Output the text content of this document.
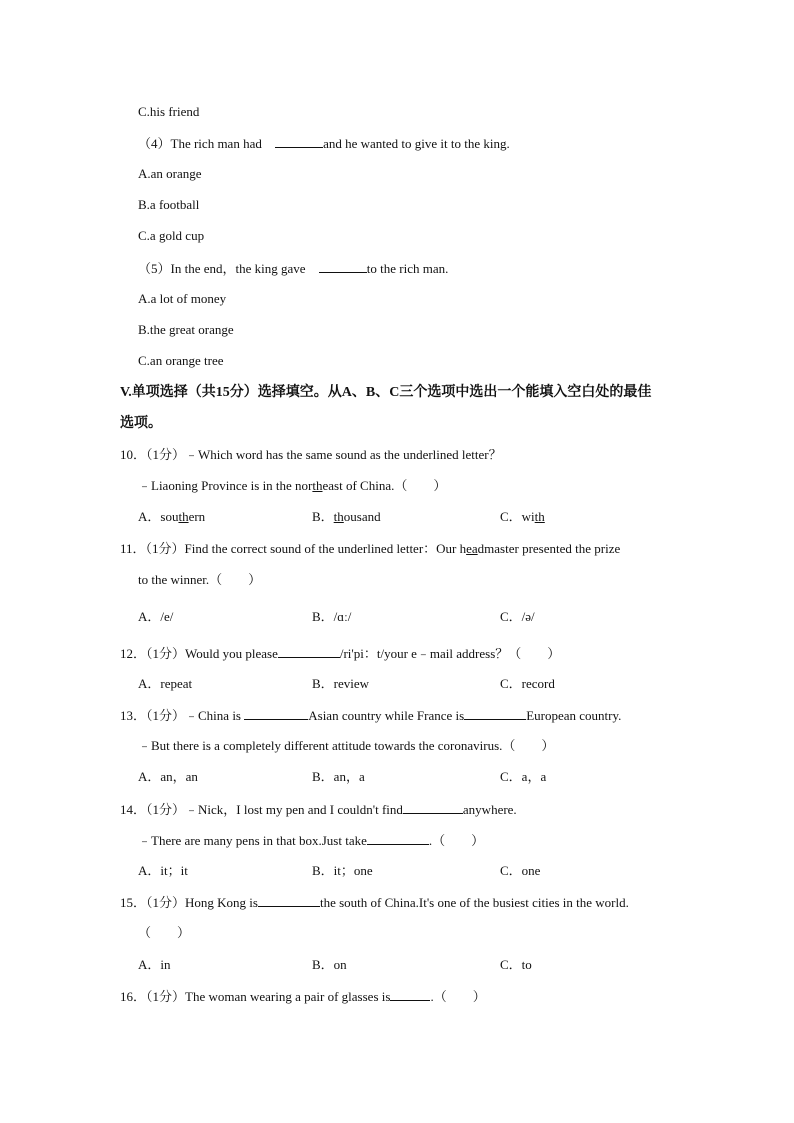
C.his friend
（4）The rich man had	and he wanted to give it to the king.
A.an orange
B.a football
C.a gold cup
（5）In the end，the king gave	to the rich man.
A.a lot of money
B.the great orange
C.an orange tree
V.单项选择（共15分）选择填空。从A、B、C三个选项中选出一个能填入空白处的最佳
选项。
10．（1分）﹣Which word has the same sound as the underlined letter？
﹣Liaoning Province is in the northeast of China.（　　）
A．southern	B．thousand	C．with
11．（1分）Find the correct sound of the underlined letter：Our headmaster presented the prize
to the winner.（　　）
A．/e/	B．/ɑː/	C．/ə/
12．（1分）Would you please	/ri'pi：t/your e﹣mail address？（　　）
A．repeat	B．review	C．record
13．（1分）﹣China is	Asian country while France is	European country.
﹣But there is a completely different attitude towards the coronavirus.（　　）
A．an，an	B．an，a	C．a，a
14．（1分）﹣Nick，I lost my pen and I couldn't find	anywhere.
﹣There are many pens in that box.Just take	.（　　）
A．it；it	B．it；one	C．one
15．（1分）Hong Kong is	the south of China.It's one of the busiest cities in the world.
（　　）
A．in	B．on	C．to
16．（1分）The woman wearing a pair of glasses is	.（　　）
